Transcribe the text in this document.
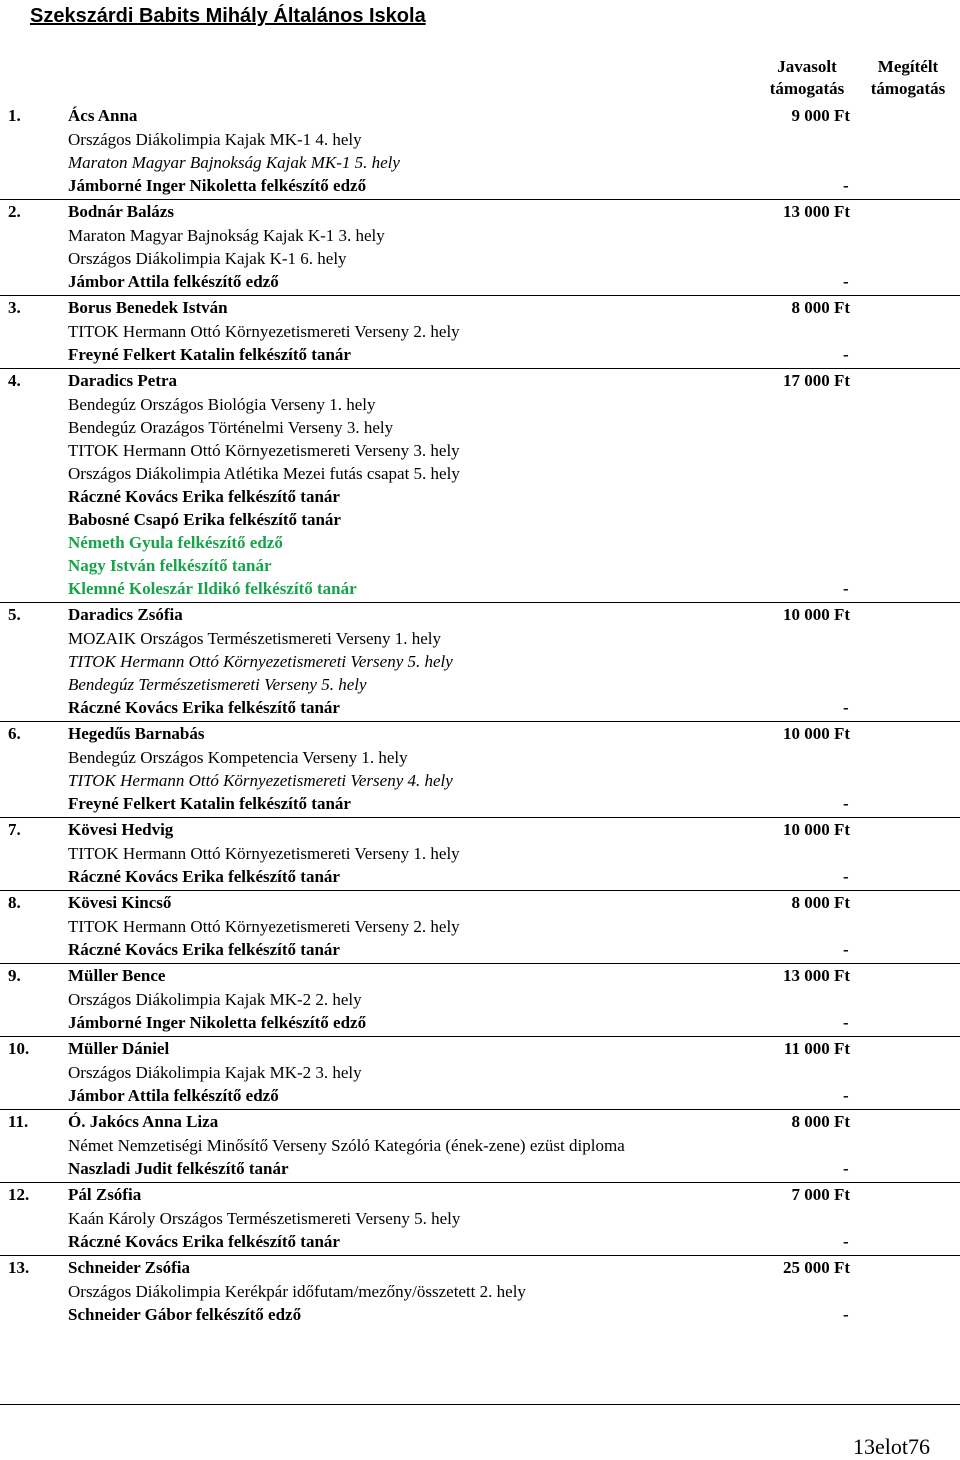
Szekszárdi Babits Mihály Általános Iskola
Javasolt
támogatás
Megítélt
támogatás
1.	Ács Anna	9 000 Ft
Országos Diákolimpia Kajak MK-1 4. hely
Maraton Magyar Bajnokság Kajak MK-1 5. hely
Jámborné Inger Nikoletta felkészítő edző	-
2.	Bodnár Balázs	13 000 Ft
Maraton Magyar Bajnokság Kajak K-1 3. hely
Országos Diákolimpia Kajak K-1 6. hely
Jámbor Attila felkészítő edző	-
3.	Borus Benedek István	8 000 Ft
TITOK Hermann Ottó Környezetismereti Verseny 2. hely
Freyné Felkert Katalin felkészítő tanár	-
4.	Daradics Petra	17 000 Ft
Bendegúz Országos Biológia Verseny 1. hely
Bendegúz Orazágos Történelmi Verseny 3. hely
TITOK Hermann Ottó Környezetismereti Verseny 3. hely
Országos Diákolimpia Atlétika Mezei futás csapat 5. hely
Ráczné Kovács Erika felkészítő tanár
Babosné Csapó Erika felkészítő tanár
Németh Gyula felkészítő edző
Nagy István felkészítő tanár
Klemné Koleszár Ildikó felkészítő tanár	-
5.	Daradics Zsófia	10 000 Ft
MOZAIK Országos Természetismereti Verseny 1. hely
TITOK Hermann Ottó Környezetismereti Verseny 5. hely
Bendegúz Természetismereti Verseny 5. hely
Ráczné Kovács Erika felkészítő tanár	-
6.	Hegedűs Barnabás	10 000 Ft
Bendegúz Országos Kompetencia Verseny 1. hely
TITOK Hermann Ottó Környezetismereti Verseny 4. hely
Freyné Felkert Katalin felkészítő tanár	-
7.	Kövesi Hedvig	10 000 Ft
TITOK Hermann Ottó Környezetismereti Verseny 1. hely
Ráczné Kovács Erika felkészítő tanár	-
8.	Kövesi Kincső	8 000 Ft
TITOK Hermann Ottó Környezetismereti Verseny 2. hely
Ráczné Kovács Erika felkészítő tanár	-
9.	Müller Bence	13 000 Ft
Országos Diákolimpia Kajak MK-2 2. hely
Jámborné Inger Nikoletta felkészítő edző	-
10. Müller Dániel	11 000 Ft
Országos Diákolimpia Kajak MK-2 3. hely
Jámbor Attila felkészítő edző	-
11. Ó. Jakócs Anna Liza	8 000 Ft
Német Nemzetiségi Minősítő Verseny Szóló Kategória (ének-zene) ezüst diploma
Naszladi Judit felkészítő tanár	-
12. Pál Zsófia	7 000 Ft
Kaán Károly Országos Természetismereti Verseny 5. hely
Ráczné Kovács Erika felkészítő tanár	-
13. Schneider Zsófia	25 000 Ft
Országos Diákolimpia Kerékpár időfutam/mezőny/összetett 2. hely
Schneider Gábor felkészítő edző	-
13elot76
